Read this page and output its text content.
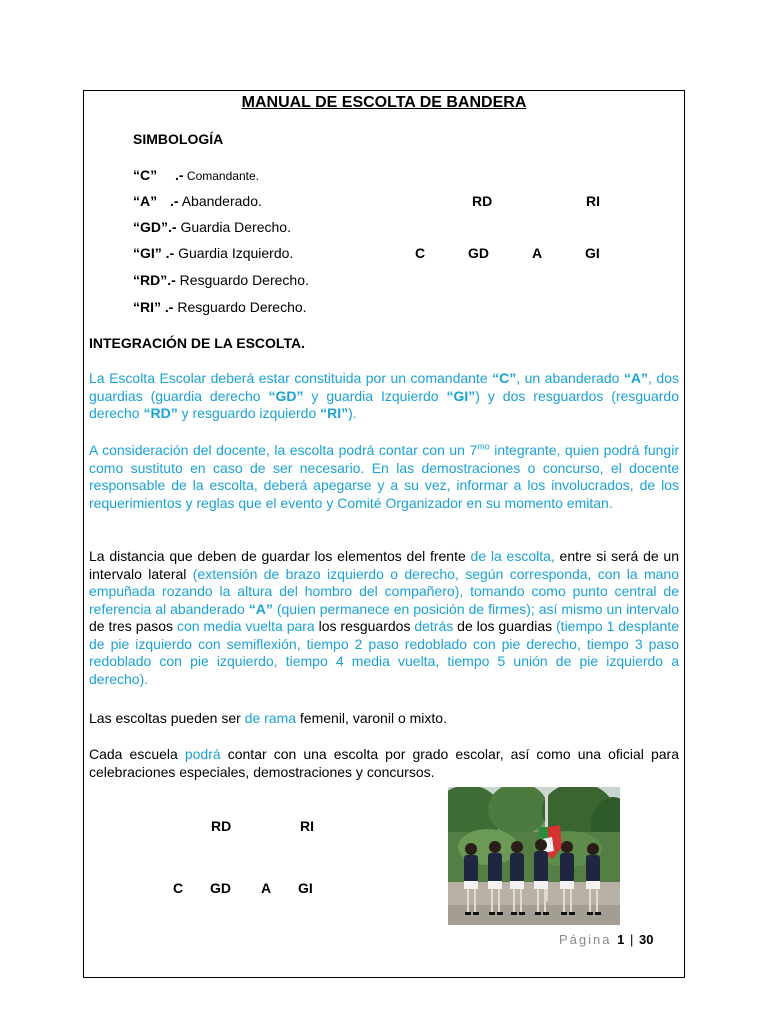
MANUAL DE ESCOLTA DE BANDERA
SIMBOLOGÍA
“C” .- Comandante.
“A” .- Abanderado.
“GD”.- Guardia Derecho.
“GI” .- Guardia Izquierdo.
“RD”.- Resguardo Derecho.
“RI” .- Resguardo Derecho.
RD	RI
C	GD	A	GI
INTEGRACIÓN DE LA ESCOLTA.

La Escolta Escolar deberá estar constituida por un comandante “C”, un abanderado “A”, dos guardias (guardia derecho “GD” y guardia Izquierdo “GI”) y dos resguardos (resguardo derecho “RD” y resguardo izquierdo “RI”).

A consideración del docente, la escolta podrá contar con un $7^{mo}$ integrante, quien podrá fungir como sustituto en caso de ser necesario. En las demostraciones o concurso, el docente responsable de la escolta, deberá apegarse y a su vez, informar a los involucrados, de los requerimientos y reglas que el evento y Comité Organizador en su momento emitan.

La distancia que deben de guardar los elementos del frente de la escolta, entre si será de un intervalo lateral (extensión de brazo izquierdo o derecho, según corresponda, con la mano empuñada rozando la altura del hombro del compañero), tomando como punto central de referencia al abanderado “A” (quien permanece en posición de firmes); así mismo un intervalo de tres pasos con media vuelta para los resguardos detrás de los guardias (tiempo 1 desplante de pie izquierdo con semiflexión, tiempo 2 paso redoblado con pie derecho, tiempo 3 paso redoblado con pie izquierdo, tiempo 4 media vuelta, tiempo 5 unión de pie izquierdo a derecho).

Las escoltas pueden ser de rama femenil, varonil o mixto.

Cada escuela podrá contar con una escolta por grado escolar, así como una oficial para celebraciones especiales, demostraciones y concursos.

RD	RI
C GD A GI
Página 1 | 30
